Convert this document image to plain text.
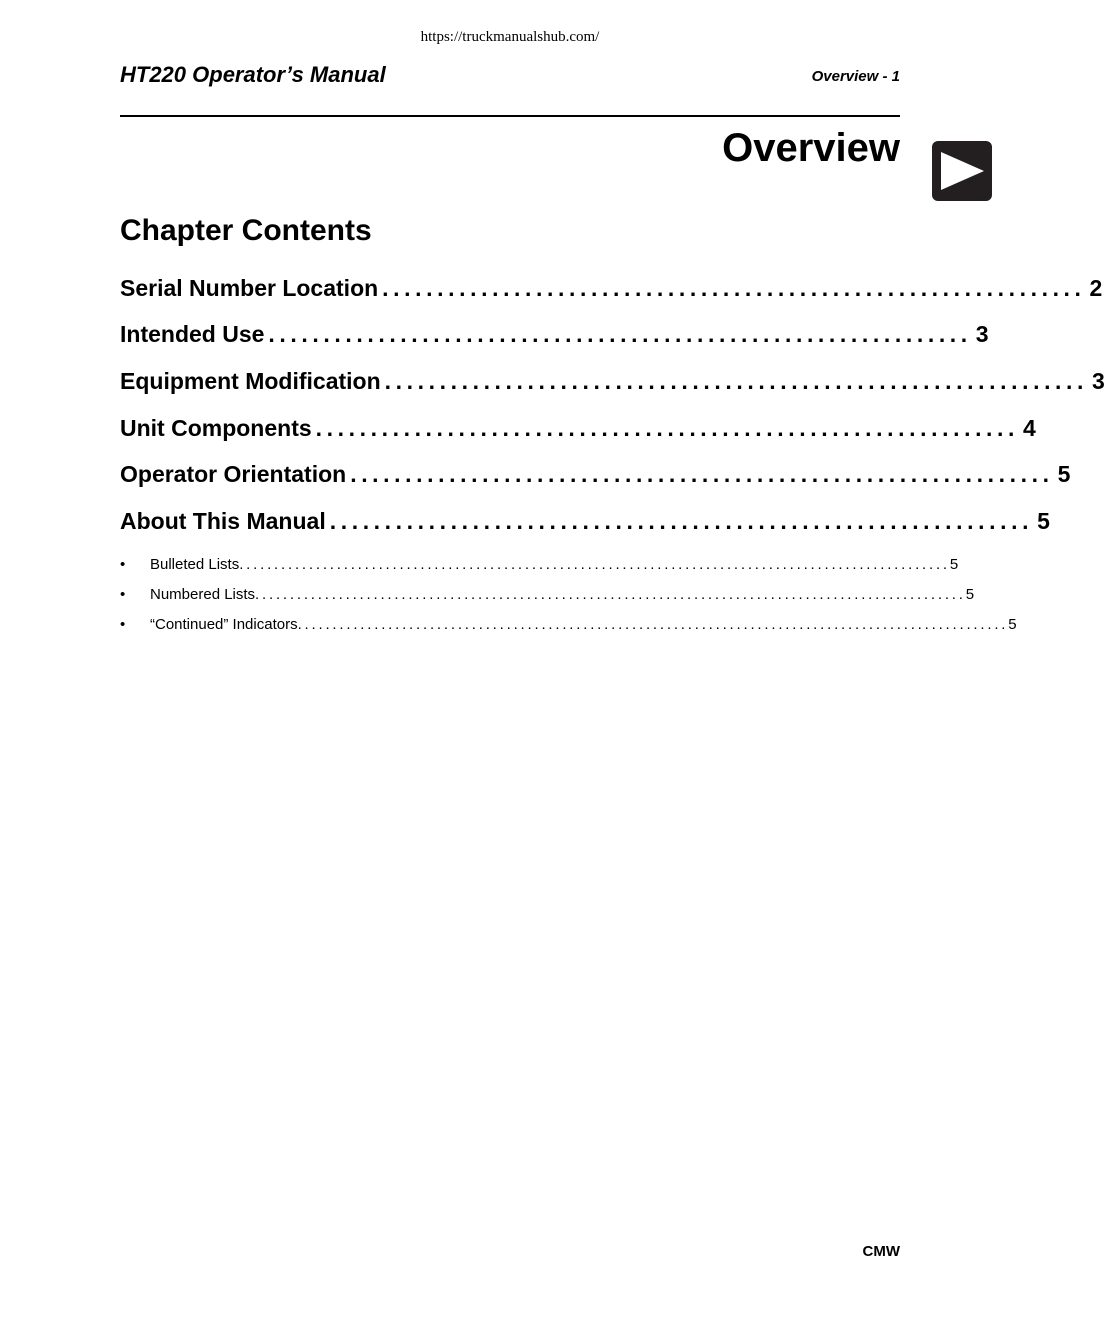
https://truckmanualshub.com/
HT220 Operator’s Manual	Overview - 1
Overview
Chapter Contents
Serial Number Location ................................................................ 2
Intended Use ................................................................ 3
Equipment Modification ................................................................ 3
Unit Components ................................................................ 4
Operator Orientation ................................................................ 5
About This Manual ................................................................ 5
•	Bulleted Lists ...................................................................................................... 5
•	Numbered Lists ...................................................................................................... 5
•	“Continued” Indicators ...................................................................................................... 5
CMW
